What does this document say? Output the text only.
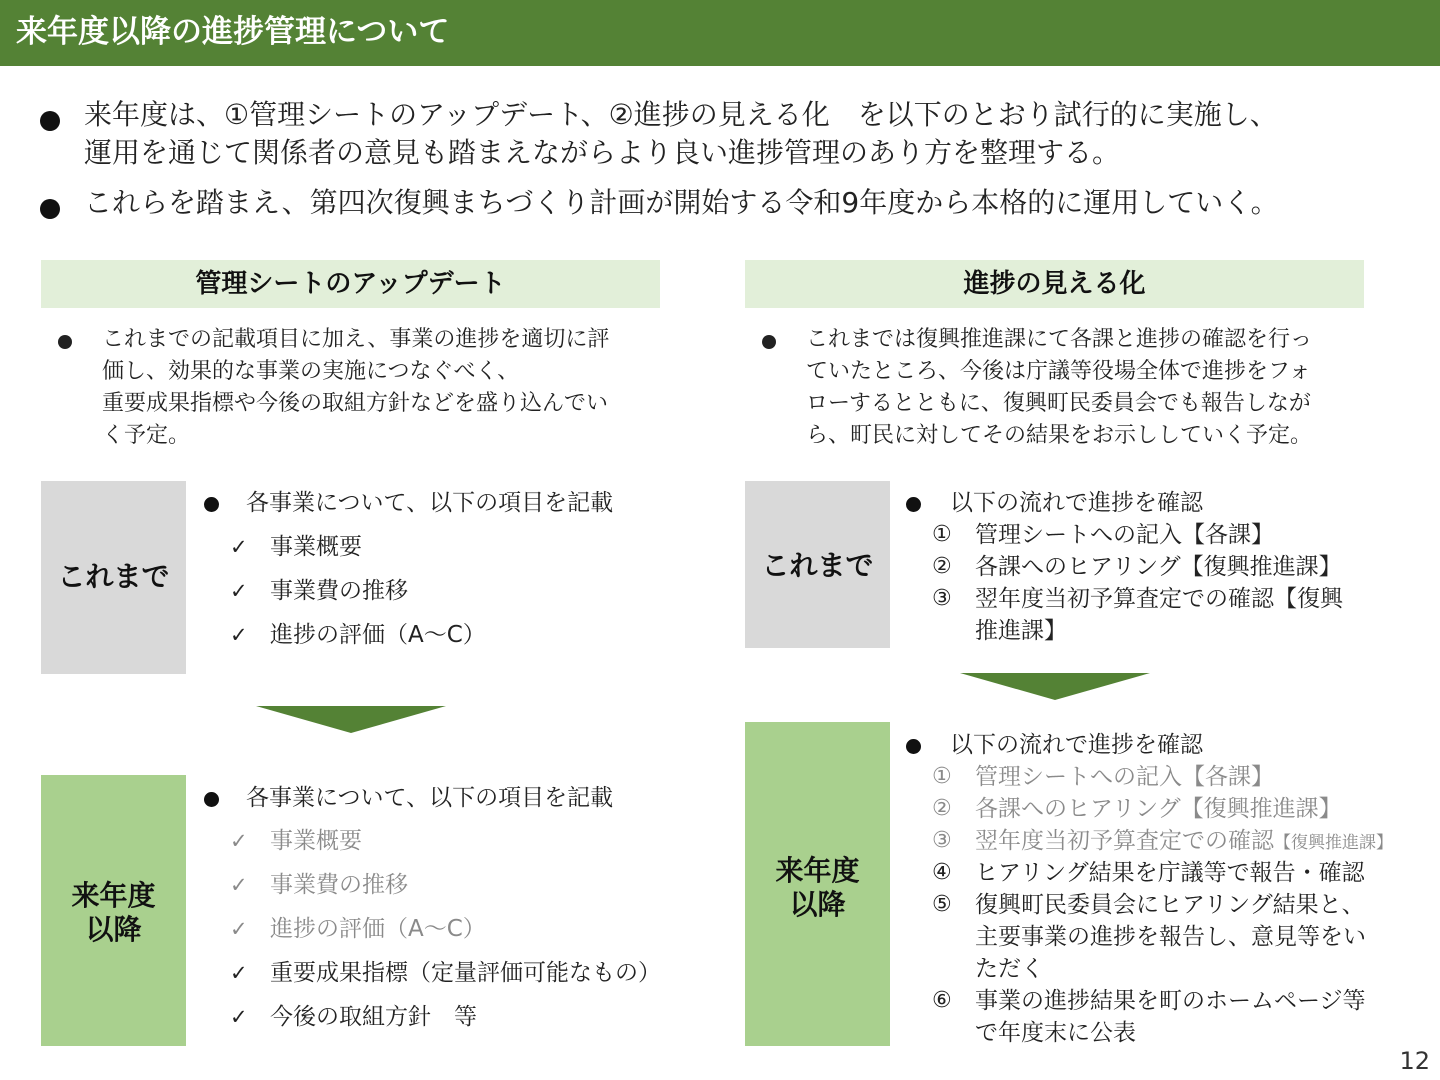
来年度以降の進捗管理について
来年度は、①管理シートのアップデート、②進捗の見える化　を以下のとおり試行的に実施し、
運用を通じて関係者の意見も踏まえながらより良い進捗管理のあり方を整理する。
これらを踏まえ、第四次復興まちづくり計画が開始する令和9年度から本格的に運用していく。
管理シートのアップデート
これまでの記載項目に加え、事業の進捗を適切に評
価し、効果的な事業の実施につなぐべく、
重要成果指標や今後の取組方針などを盛り込んでい
く予定。
これまで
各事業について、以下の項目を記載
✓ 事業概要
✓ 事業費の推移
✓ 進捗の評価（A～C）
来年度
以降
各事業について、以下の項目を記載
✓ 事業概要
✓ 事業費の推移
✓ 進捗の評価（A～C）
✓ 重要成果指標（定量評価可能なもの）
✓ 今後の取組方針　等
進捗の見える化
これまでは復興推進課にて各課と進捗の確認を行っ
ていたところ、今後は庁議等役場全体で進捗をフォ
ローするとともに、復興町民委員会でも報告しなが
ら、町民に対してその結果をお示ししていく予定。
これまで
以下の流れで進捗を確認
① 管理シートへの記入【各課】
② 各課へのヒアリング【復興推進課】
③ 翌年度当初予算査定での確認【復興
推進課】
来年度
以降
以下の流れで進捗を確認
① 管理シートへの記入【各課】
② 各課へのヒアリング【復興推進課】
③ 翌年度当初予算査定での確認【復興推進課】
④ ヒアリング結果を庁議等で報告・確認
⑤ 復興町民委員会にヒアリング結果と、
主要事業の進捗を報告し、意見等をい
ただく
⑥ 事業の進捗結果を町のホームページ等
で年度末に公表
12
